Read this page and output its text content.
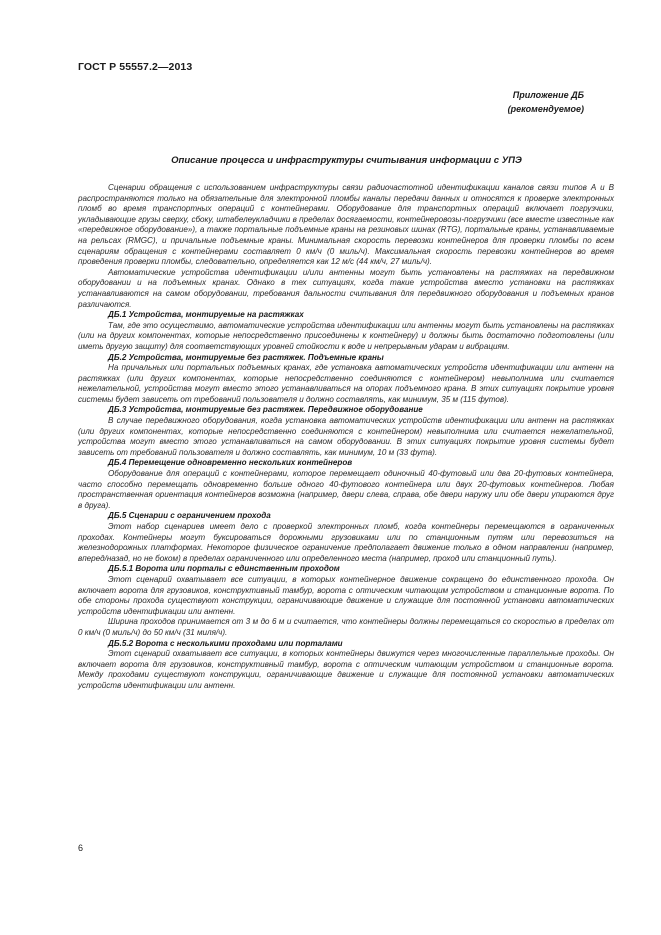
ГОСТ Р 55557.2—2013
Приложение ДБ
(рекомендуемое)
Описание процесса и инфраструктуры считывания информации с УПЭ

Сценарии обращения с использованием инфраструктуры связи радиочастотной идентификации каналов связи типов А и В распространяются только на обязательные для электронной пломбы каналы передачи данных и относятся к проверке электронных пломб во время транспортных операций с контейнерами. Оборудование для транспортных операций включает погрузчики, укладывающие грузы сверху, сбоку, штабелеукладчики в пределах досягаемости, контейнеровозы-погрузчики (все вместе известные как «передвижное оборудование»), а также портальные подъемные краны на резиновых шинах (RTG), портальные краны, устанавливаемые на рельсах (RMGC), и причальные подъемные краны. Минимальная скорость перевозки контейнеров для проверки пломбы по всем сценариям обращения с контейнерами составляет 0 км/ч (0 миль/ч). Максимальная скорость перевозки контейнеров во время проведения проверки пломбы, следовательно, определяется как 12 м/с (44 км/ч, 27 миль/ч).

Автоматические устройства идентификации и/или антенны могут быть установлены на растяжках на передвижном оборудовании и на подъемных кранах. Однако в тех ситуациях, когда такие устройства вместо установки на растяжках устанавливаются на самом оборудовании, требования дальности считывания для передвижного оборудования и подъемных кранов различаются.

ДБ.1 Устройства, монтируемые на растяжках

Там, где это осуществимо, автоматические устройства идентификации или антенны могут быть установлены на растяжках (или на других компонентах, которые непосредственно присоединены к контейнеру) и должны быть достаточно подготовлены (или иметь другую защиту) для соответствующих уровней стойкости к воде и непрерывным ударам и вибрациям.

ДБ.2 Устройства, монтируемые без растяжек. Подъемные краны

На причальных или портальных подъемных кранах, где установка автоматических устройств идентификации или антенн на растяжках (или других компонентах, которые непосредственно соединяются с контейнером) невыполнима или считается нежелательной, устройства могут вместо этого устанавливаться на опорах подъемного крана. В этих ситуациях покрытие уровня системы будет зависеть от требований пользователя и должно составлять, как минимум, 35 м (115 футов).

ДБ.3 Устройства, монтируемые без растяжек. Передвижное оборудование

В случае передвижного оборудования, когда установка автоматических устройств идентификации или антенн на растяжках (или других компонентах, которые непосредственно соединяются с контейнером) невыполнима или считается нежелательной, устройства могут вместо этого устанавливаться на самом оборудовании. В этих ситуациях покрытие уровня системы будет зависеть от требований пользователя и должно составлять, как минимум, 10 м (33 фута).

ДБ.4 Перемещение одновременно нескольких контейнеров

Оборудование для операций с контейнерами, которое перемещает одиночный 40-футовый или два 20-футовых контейнера, часто способно перемещать одновременно больше одного 40-футового контейнера или двух 20-футовых контейнеров. Любая пространственная ориентация контейнеров возможна (например, двери слева, справа, обе двери наружу или обе двери упираются друг в друга).

ДБ.5 Сценарии с ограничением прохода

Этот набор сценариев имеет дело с проверкой электронных пломб, когда контейнеры перемещаются в ограниченных проходах. Контейнеры могут буксироваться дорожными грузовиками или по станционным путям или перевозиться на железнодорожных платформах. Некоторое физическое ограничение предполагает движение только в одном направлении (например, вперед/назад, но не боком) в пределах ограниченного или определенного места (например, проход или станционный путь).

ДБ.5.1 Ворота или порталы с единственным проходом

Этот сценарий охватывает все ситуации, в которых контейнерное движение сокращено до единственного прохода. Он включает ворота для грузовиков, конструктивный тамбур, ворота с оптическим читающим устройством и станционные ворота. По обе стороны прохода существуют конструкции, ограничивающие движение и служащие для постоянной установки автоматических устройств идентификации или антенн.

Ширина проходов принимается от 3 м до 6 м и считается, что контейнеры должны перемещаться со скоростью в пределах от 0 км/ч (0 миль/ч) до 50 км/ч (31 миля/ч).

ДБ.5.2 Ворота с несколькими проходами или порталами

Этот сценарий охватывает все ситуации, в которых контейнеры движутся через многочисленные параллельные проходы. Он включает ворота для грузовиков, конструктивный тамбур, ворота с оптическим читающим устройством и станционные ворота. Между проходами существуют конструкции, ограничивающие движение и служащие для постоянной установки автоматических устройств идентификации или антенн.

6
